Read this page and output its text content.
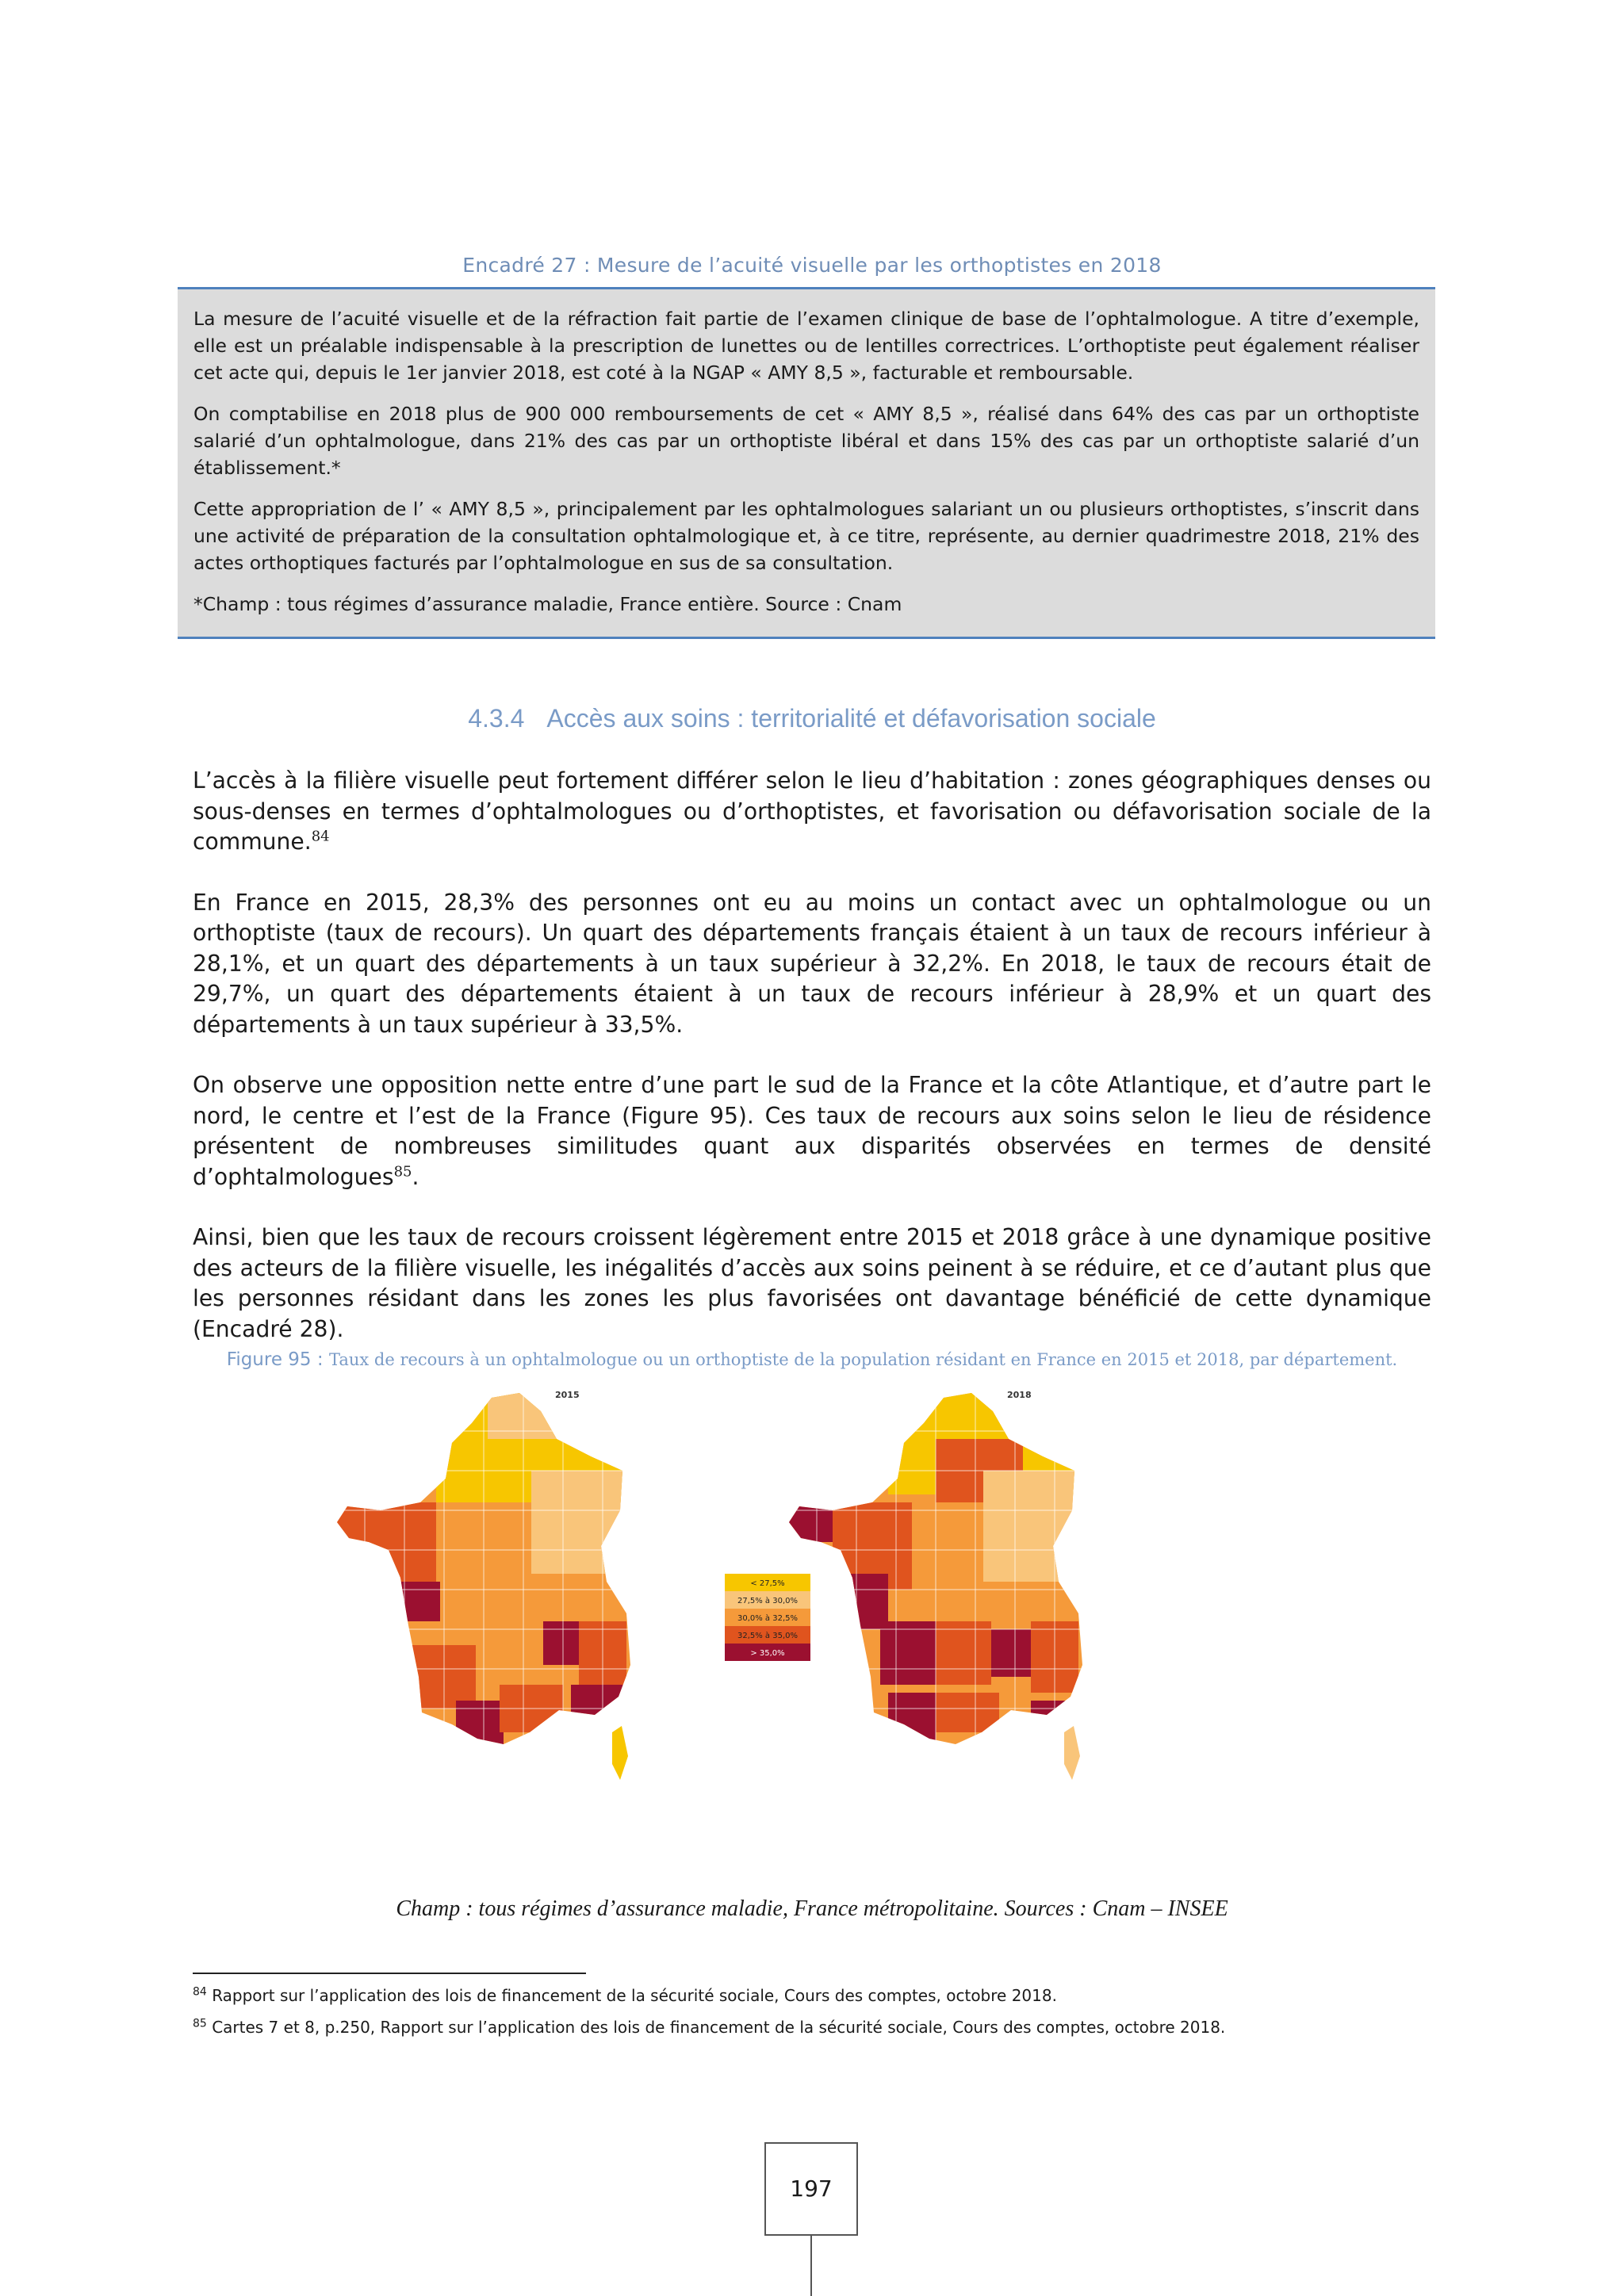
Encadré 27 : Mesure de l’acuité visuelle par les orthoptistes en 2018

La mesure de l’acuité visuelle et de la réfraction fait partie de l’examen clinique de base de l’ophtalmologue. A titre d’exemple, elle est un préalable indispensable à la prescription de lunettes ou de lentilles correctrices. L’orthoptiste peut également réaliser cet acte qui, depuis le 1er janvier 2018, est coté à la NGAP « AMY 8,5 », facturable et remboursable.

On comptabilise en 2018 plus de 900 000 remboursements de cet « AMY 8,5 », réalisé dans 64% des cas par un orthoptiste salarié d’un ophtalmologue, dans 21% des cas par un orthoptiste libéral et dans 15% des cas par un orthoptiste salarié d’un établissement.*

Cette appropriation de l’ « AMY 8,5 », principalement par les ophtalmologues salariant un ou plusieurs orthoptistes, s’inscrit dans une activité de préparation de la consultation ophtalmologique et, à ce titre, représente, au dernier quadrimestre 2018, 21% des actes orthoptiques facturés par l’ophtalmologue en sus de sa consultation.

*Champ : tous régimes d’assurance maladie, France entière. Source : Cnam

4.3.4 Accès aux soins : territorialité et défavorisation sociale

L’accès à la filière visuelle peut fortement différer selon le lieu d’habitation : zones géographiques denses ou sous-denses en termes d’ophtalmologues ou d’orthoptistes, et favorisation ou défavorisation sociale de la commune.$^{84}$

En France en 2015, 28,3% des personnes ont eu au moins un contact avec un ophtalmologue ou un orthoptiste (taux de recours). Un quart des départements français étaient à un taux de recours inférieur à 28,1%, et un quart des départements à un taux supérieur à 32,2%. En 2018, le taux de recours était de 29,7%, un quart des départements étaient à un taux de recours inférieur à 28,9% et un quart des départements à un taux supérieur à 33,5%.

On observe une opposition nette entre d’une part le sud de la France et la côte Atlantique, et d’autre part le nord, le centre et l’est de la France (Figure 95). Ces taux de recours aux soins selon le lieu de résidence présentent de nombreuses similitudes quant aux disparités observées en termes de densité d’ophtalmologues$^{85}$.

Ainsi, bien que les taux de recours croissent légèrement entre 2015 et 2018 grâce à une dynamique positive des acteurs de la filière visuelle, les inégalités d’accès aux soins peinent à se réduire, et ce d’autant plus que les personnes résidant dans les zones les plus favorisées ont davantage bénéficié de cette dynamique (Encadré 28).

Figure 95 : Taux de recours à un ophtalmologue ou un orthoptiste de la population résidant en France en 2015 et 2018, par département.
2015
< 27,5%
27,5% à 30,0%
30,0% à 32,5%
32,5% à 35,0%
> 35,0%
2018
Champ : tous régimes d’assurance maladie, France métropolitaine. Sources : Cnam – INSEE

$^{84}$ Rapport sur l’application des lois de financement de la sécurité sociale, Cours des comptes, octobre 2018.

$^{85}$ Cartes 7 et 8, p.250, Rapport sur l’application des lois de financement de la sécurité sociale, Cours des comptes, octobre 2018.

197
